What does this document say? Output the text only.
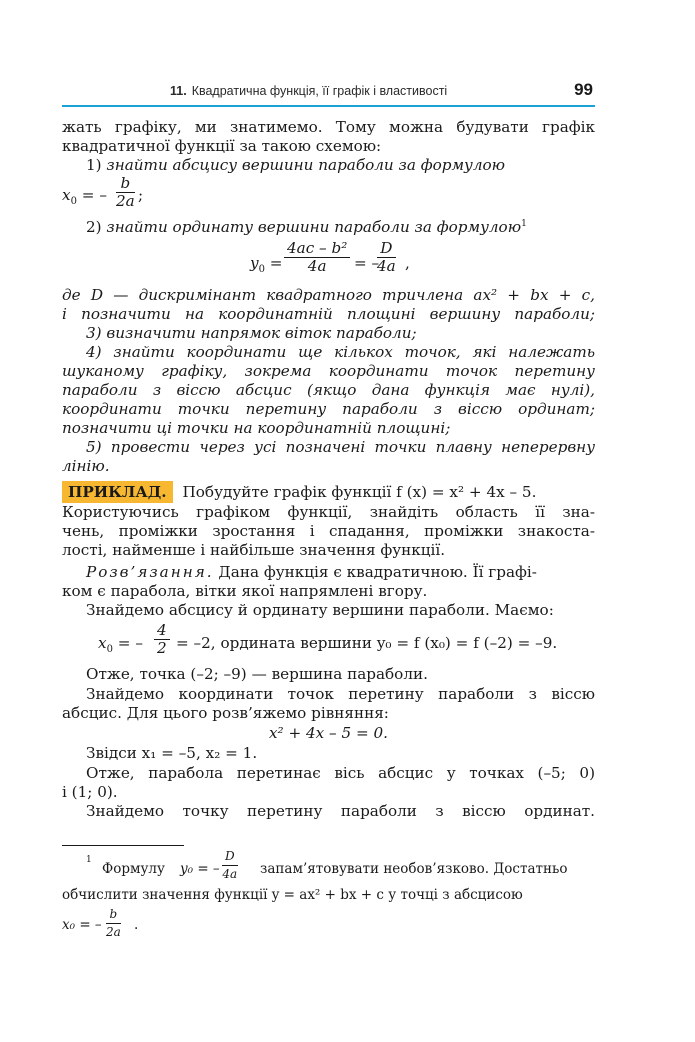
11. Квадратична функція, її графік і властивості	99
жать графіку, ми знатимемо. Тому можна будувати графік
квадратичної функції за такою схемою:
1) знайти абсцису вершини параболи за формулою
$x_0$ = – $\frac{b}{2a}$ ;
2) знайти ординату вершини параболи за формулою$^1$
$y_0 = \frac{\text{4ac – b²}}{4a}$ = –
$\frac{D}{4a}$ ,
де D — дискримінант квадратного тричлена ax² + bx + c,
і позначити на координатній площині вершину параболи;
3) визначити напрямок віток параболи;
4) знайти координати ще кількох точок, які належать
шуканому графіку, зокрема координати точок перетину
параболи з віссю абсцис (якщо дана функція має нулі),
координати точки перетину параболи з віссю ординат;
позначити ці точки на координатній площині;
5) провести через усі позначені точки плавну неперервну
лінію.
ПРИКЛАД. Побудуйте графік функції f (x) = x² + 4x – 5.
Користуючись графіком функції, знайдіть область її зна-
чень, проміжки зростання і спадання, проміжки знакоста-
лості, найменше і найбільше значення функції.
Розв’язання. Дана функція є квадратичною. Її графі-
ком є парабола, вітки якої напрямлені вгору.
Знайдемо абсцису й ординату вершини параболи. Маємо:
$x_0$ = – $\frac{4}{2} = -2$, ордината вершини y₀ = f (x₀) = f (–2) = –9.
Отже, точка (–2; –9) — вершина параболи.
Знайдемо координати точок перетину параболи з віссю
абсцис. Для цього розв’яжемо рівняння:
x² + 4x – 5 = 0.
Звідси x₁ = –5, x₂ = 1.
Отже, парабола перетинає вісь абсцис у точках (–5; 0)
і (1; 0).
Знайдемо точку перетину параболи з віссю ординат.
1
Формулу y₀ = – $\frac{D}{4a}$ запам’ятовувати необов’язково. Достатньо
обчислити значення функції y = ax² + bx + c у точці з абсцисою
x₀ = – $\frac{b}{2a}$ .
